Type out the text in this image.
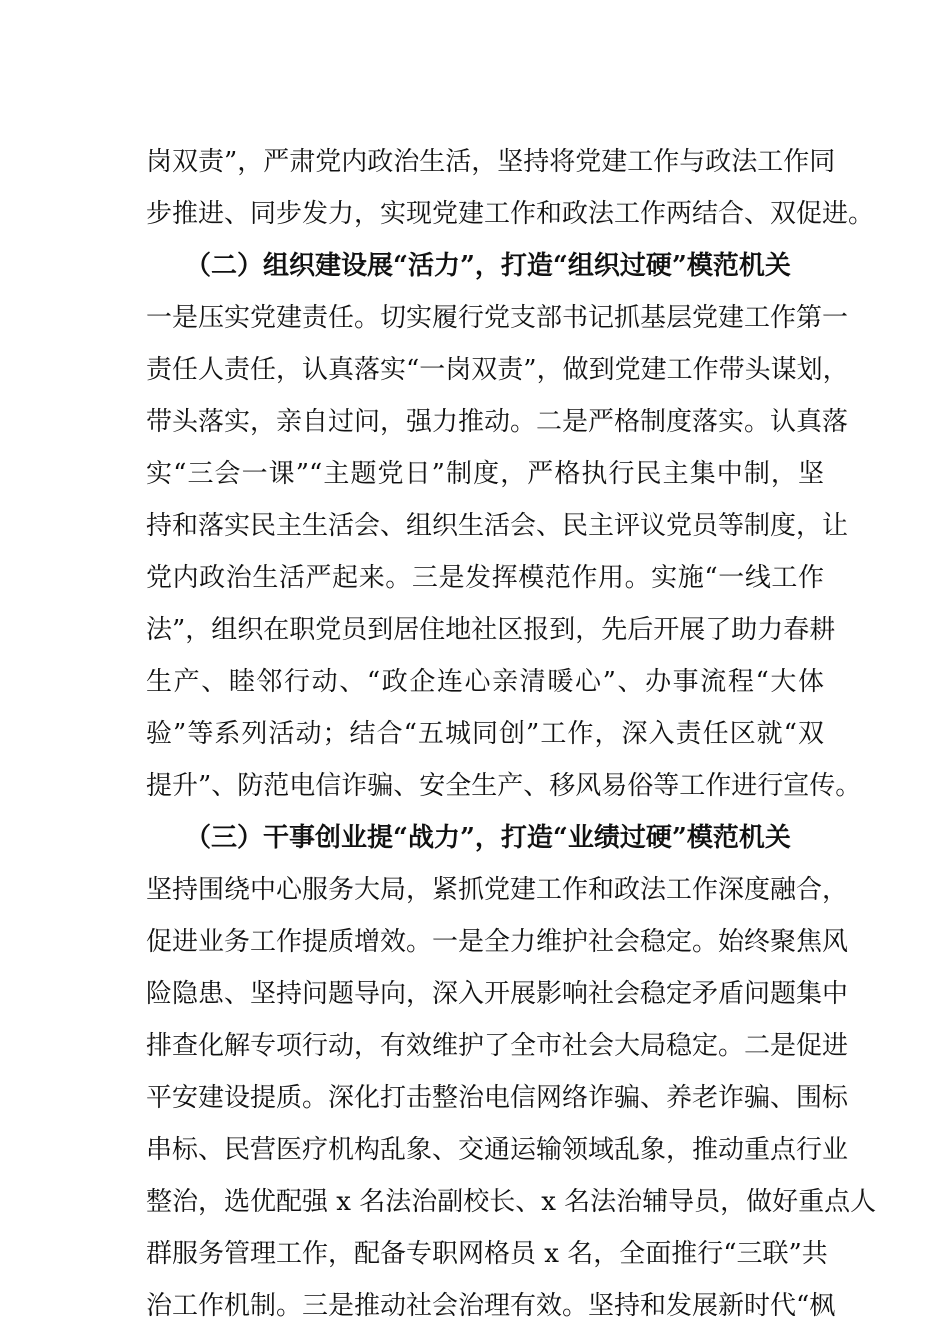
岗双责”，严肃党内政治生活，坚持将党建工作与政法工作同
步推进、同步发力，实现党建工作和政法工作两结合、双促进。
　　（二）组织建设展“活力”，打造“组织过硬”模范机关
一是压实党建责任。切实履行党支部书记抓基层党建工作第一
责任人责任，认真落实“一岗双责”，做到党建工作带头谋划，
带头落实，亲自过问，强力推动。二是严格制度落实。认真落
实“三会一课”“主题党日”制度，严格执行民主集中制，坚
持和落实民主生活会、组织生活会、民主评议党员等制度，让
党内政治生活严起来。三是发挥模范作用。实施“一线工作
法”，组织在职党员到居住地社区报到，先后开展了助力春耕
生产、睦邻行动、“政企连心亲清暖心”、办事流程“大体
验”等系列活动；结合“五城同创”工作，深入责任区就“双
提升”、防范电信诈骗、安全生产、移风易俗等工作进行宣传。
　　（三）干事创业提“战力”，打造“业绩过硬”模范机关
坚持围绕中心服务大局，紧抓党建工作和政法工作深度融合，
促进业务工作提质增效。一是全力维护社会稳定。始终聚焦风
险隐患、坚持问题导向，深入开展影响社会稳定矛盾问题集中
排查化解专项行动，有效维护了全市社会大局稳定。二是促进
平安建设提质。深化打击整治电信网络诈骗、养老诈骗、围标
串标、民营医疗机构乱象、交通运输领域乱象，推动重点行业
整治，选优配强 x 名法治副校长、x 名法治辅导员，做好重点人
群服务管理工作，配备专职网格员 x 名，全面推行“三联”共
治工作机制。三是推动社会治理有效。坚持和发展新时代“枫
